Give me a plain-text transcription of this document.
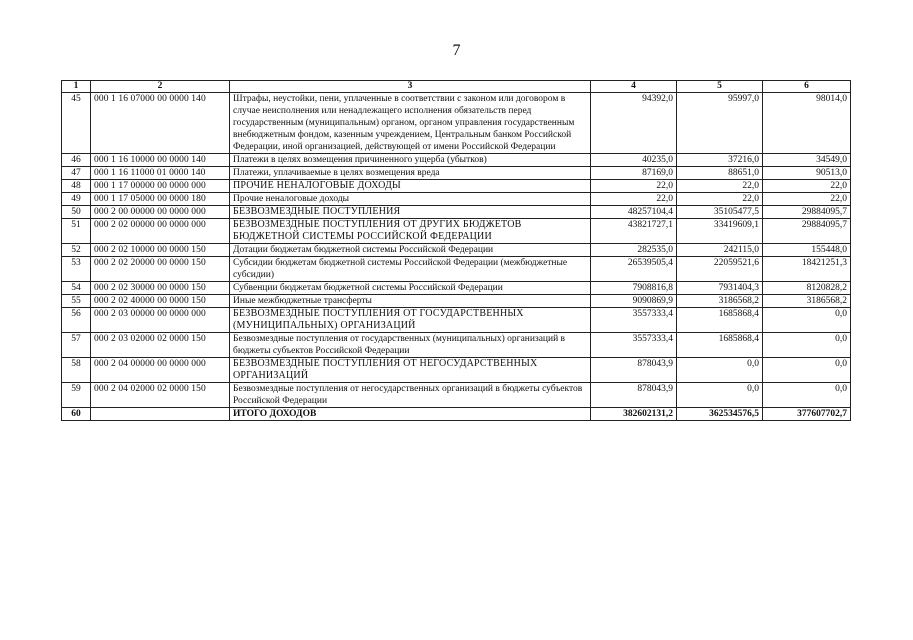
7
1	2	3	4	5	6
45	000 1 16 07000 00 0000 140	Штрафы, неустойки, пени, уплаченные в соответствии с законом или договором в случае неисполнения или ненадлежащего исполнения обязательств перед государственным (муниципальным) органом, органом управления государственным внебюджетным фондом, казенным учреждением, Центральным банком Российской Федерации, иной организацией, действующей от имени Российской Федерации	94392,0	95997,0	98014,0
46	000 1 16 10000 00 0000 140	Платежи в целях возмещения причиненного ущерба (убытков)	40235,0	37216,0	34549,0
47	000 1 16 11000 01 0000 140	Платежи, уплачиваемые в целях возмещения вреда	87169,0	88651,0	90513,0
48	000 1 17 00000 00 0000 000	ПРОЧИЕ НЕНАЛОГОВЫЕ ДОХОДЫ	22,0	22,0	22,0
49	000 1 17 05000 00 0000 180	Прочие неналоговые доходы	22,0	22,0	22,0
50	000 2 00 00000 00 0000 000	БЕЗВОЗМЕЗДНЫЕ ПОСТУПЛЕНИЯ	48257104,4	35105477,5	29884095,7
51	000 2 02 00000 00 0000 000	БЕЗВОЗМЕЗДНЫЕ ПОСТУПЛЕНИЯ ОТ ДРУГИХ БЮДЖЕТОВ БЮДЖЕТНОЙ СИСТЕМЫ РОССИЙСКОЙ ФЕДЕРАЦИИ	43821727,1	33419609,1	29884095,7
52	000 2 02 10000 00 0000 150	Дотации бюджетам бюджетной системы Российской Федерации	282535,0	242115,0	155448,0
53	000 2 02 20000 00 0000 150	Субсидии бюджетам бюджетной системы Российской Федерации (межбюджетные субсидии)	26539505,4	22059521,6	18421251,3
54	000 2 02 30000 00 0000 150	Субвенции бюджетам бюджетной системы Российской Федерации	7908816,8	7931404,3	8120828,2
55	000 2 02 40000 00 0000 150	Иные межбюджетные трансферты	9090869,9	3186568,2	3186568,2
56	000 2 03 00000 00 0000 000	БЕЗВОЗМЕЗДНЫЕ ПОСТУПЛЕНИЯ ОТ ГОСУДАРСТВЕННЫХ (МУНИЦИПАЛЬНЫХ) ОРГАНИЗАЦИЙ	3557333,4	1685868,4	0,0
57	000 2 03 02000 02 0000 150	Безвозмездные поступления от государственных (муниципальных) организаций в бюджеты субъектов Российской Федерации	3557333,4	1685868,4	0,0
58	000 2 04 00000 00 0000 000	БЕЗВОЗМЕЗДНЫЕ ПОСТУПЛЕНИЯ ОТ НЕГОСУДАРСТВЕННЫХ ОРГАНИЗАЦИЙ	878043,9	0,0	0,0
59	000 2 04 02000 02 0000 150	Безвозмездные поступления от негосударственных организаций в бюджеты субъектов Российской Федерации	878043,9	0,0	0,0
60		ИТОГО ДОХОДОВ	382602131,2	362534576,5	377607702,7
